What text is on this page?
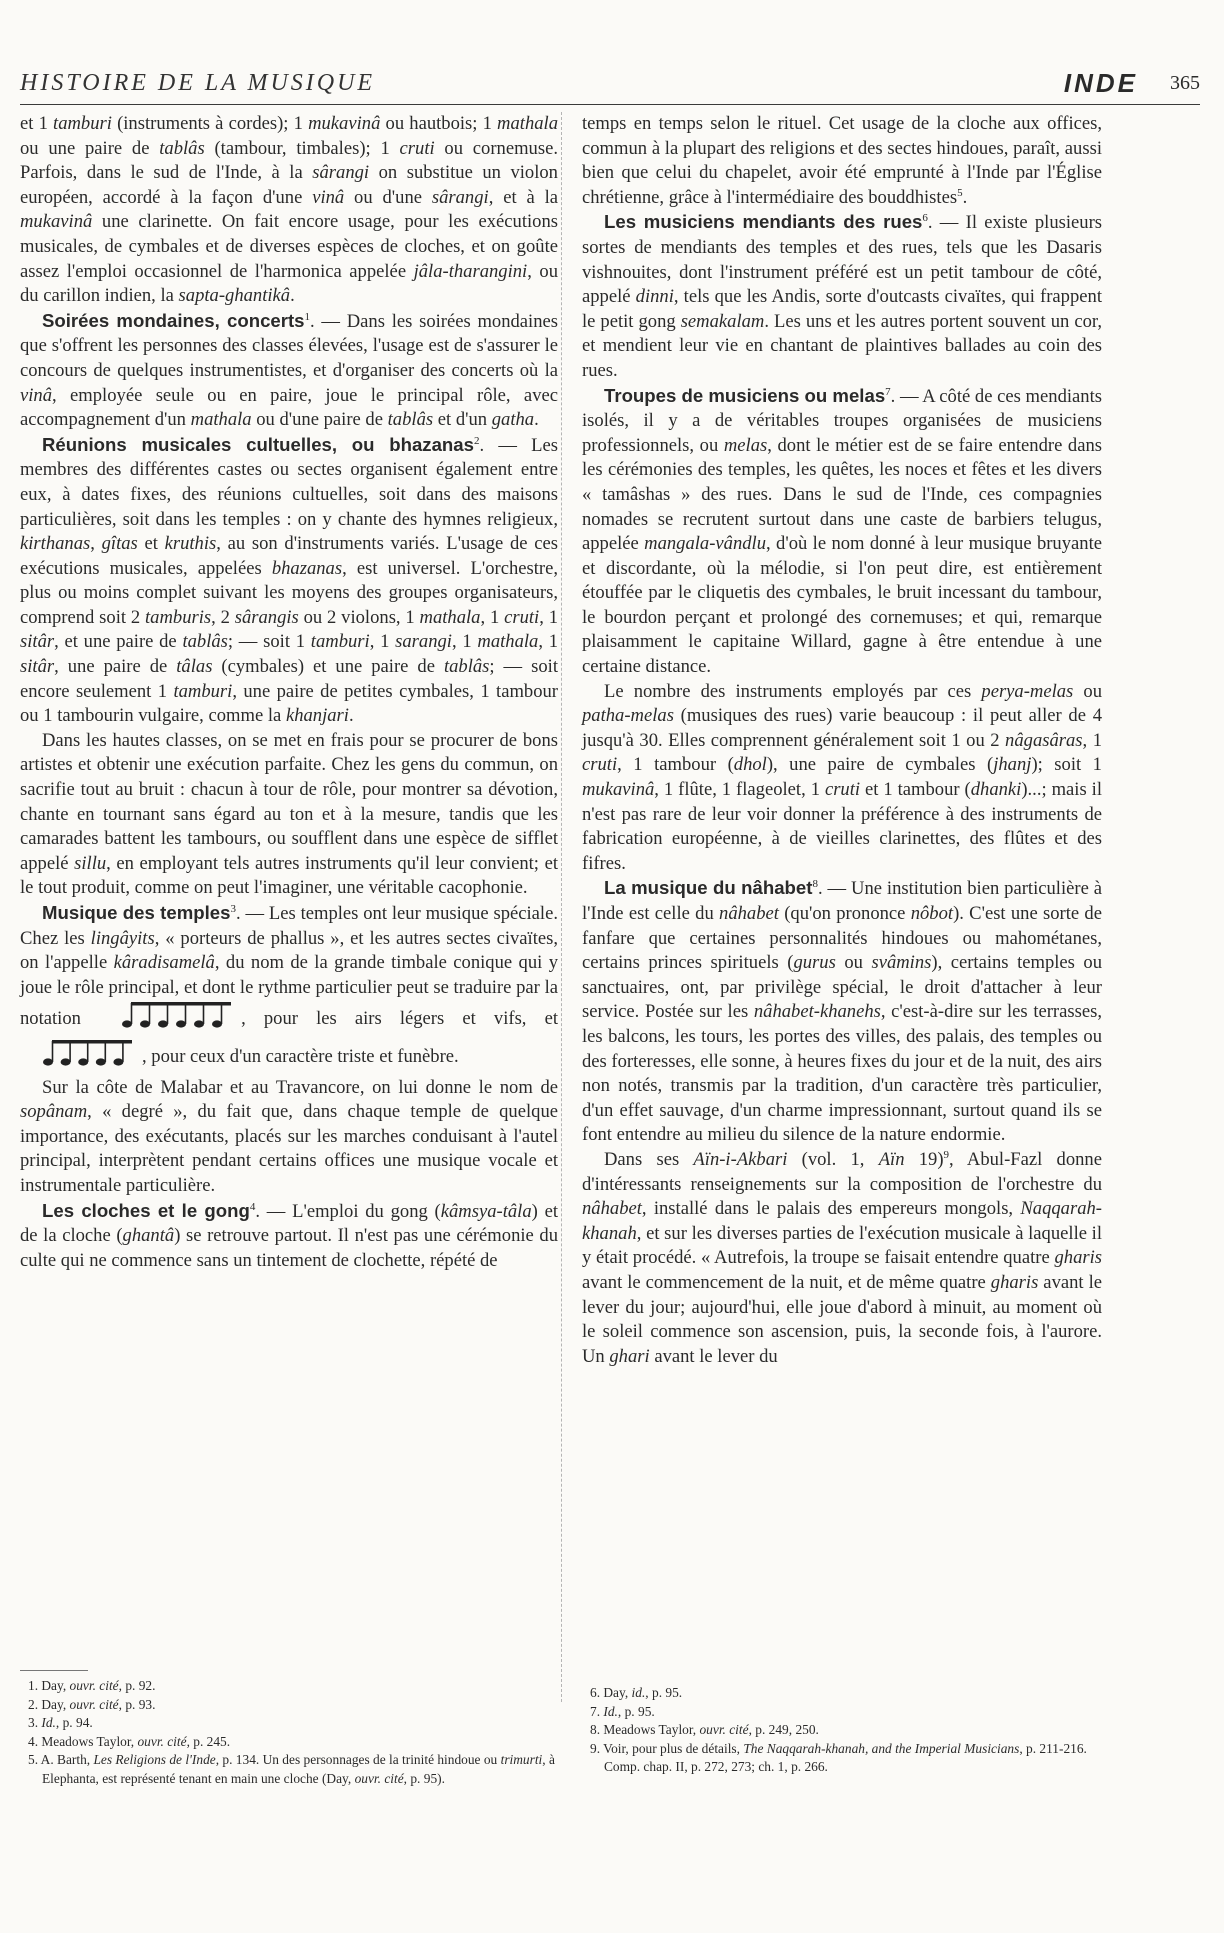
HISTOIRE DE LA MUSIQUE	INDE 365

et 1 tamburi (instruments à cordes); 1 mukavinâ ou hautbois; 1 mathala ou une paire de tablâs (tambour, timbales); 1 cruti ou cornemuse. Parfois, dans le sud de l'Inde, à la sârangi on substitue un violon européen, accordé à la façon d'une vinâ ou d'une sârangi, et à la mukavinâ une clarinette. On fait encore usage, pour les exécutions musicales, de cymbales et de diverses espèces de cloches, et on goûte assez l'emploi occasionnel de l'harmonica appelée jâla-tharangini, ou du carillon indien, la sapta-ghantikâ.

Soirées mondaines, concerts$^1$. — Dans les soirées mondaines que s'offrent les personnes des classes élevées, l'usage est de s'assurer le concours de quelques instrumentistes, et d'organiser des concerts où la vinâ, employée seule ou en paire, joue le principal rôle, avec accompagnement d'un mathala ou d'une paire de tablâs et d'un gatha.

Réunions musicales cultuelles, ou bhazanas$^2$. — Les membres des différentes castes ou sectes organisent également entre eux, à dates fixes, des réunions cultuelles, soit dans des maisons particulières, soit dans les temples : on y chante des hymnes religieux, kirthanas, gîtas et kruthis, au son d'instruments variés. L'usage de ces exécutions musicales, appelées bhazanas, est universel. L'orchestre, plus ou moins complet suivant les moyens des groupes organisateurs, comprend soit 2 tamburis, 2 sârangis ou 2 violons, 1 mathala, 1 cruti, 1 sitâr, et une paire de tablâs; — soit 1 tamburi, 1 sarangi, 1 mathala, 1 sitâr, une paire de tâlas (cymbales) et une paire de tablâs; — soit encore seulement 1 tamburi, une paire de petites cymbales, 1 tambour ou 1 tambourin vulgaire, comme la khanjari.

Dans les hautes classes, on se met en frais pour se procurer de bons artistes et obtenir une exécution parfaite. Chez les gens du commun, on sacrifie tout au bruit : chacun à tour de rôle, pour montrer sa dévotion, chante en tournant sans égard au ton et à la mesure, tandis que les camarades battent les tambours, ou soufflent dans une espèce de sifflet appelé sillu, en employant tels autres instruments qu'il leur convient; et le tout produit, comme on peut l'imaginer, une véritable cacophonie.

Musique des temples$^3$. — Les temples ont leur musique spéciale. Chez les lingâyits, « porteurs de phallus », et les autres sectes civaïtes, on l'appelle kâradisamelâ, du nom de la grande timbale conique qui y joue le rôle principal, et dont le rythme particulier peut se traduire par la notation	, pour les airs légers et vifs, et , pour ceux d'un caractère triste et funèbre.

Sur la côte de Malabar et au Travancore, on lui donne le nom de sopânam, « degré », du fait que, dans chaque temple de quelque importance, des exécutants, placés sur les marches conduisant à l'autel principal, interprètent pendant certains offices une musique vocale et instrumentale particulière.

Les cloches et le gong$^4$. — L'emploi du gong (kâmsya-tâla) et de la cloche (ghantâ) se retrouve partout. Il n'est pas une cérémonie du culte qui ne commence sans un tintement de clochette, répété de

temps en temps selon le rituel. Cet usage de la cloche aux offices, commun à la plupart des religions et des sectes hindoues, paraît, aussi bien que celui du chapelet, avoir été emprunté à l'Inde par l'Église chrétienne, grâce à l'intermédiaire des bouddhistes$^5$.

Les musiciens mendiants des rues$^6$. — Il existe plusieurs sortes de mendiants des temples et des rues, tels que les Dasaris vishnouites, dont l'instrument préféré est un petit tambour de côté, appelé dinni, tels que les Andis, sorte d'outcasts civaïtes, qui frappent le petit gong semakalam. Les uns et les autres portent souvent un cor, et mendient leur vie en chantant de plaintives ballades au coin des rues.

Troupes de musiciens ou melas$^7$. — A côté de ces mendiants isolés, il y a de véritables troupes organisées de musiciens professionnels, ou melas, dont le métier est de se faire entendre dans les cérémonies des temples, les quêtes, les noces et fêtes et les divers « tamâshas » des rues. Dans le sud de l'Inde, ces compagnies nomades se recrutent surtout dans une caste de barbiers telugus, appelée mangala-vândlu, d'où le nom donné à leur musique bruyante et discordante, où la mélodie, si l'on peut dire, est entièrement étouffée par le cliquetis des cymbales, le bruit incessant du tambour, le bourdon perçant et prolongé des cornemuses; et qui, remarque plaisamment le capitaine Willard, gagne à être entendue à une certaine distance.

Le nombre des instruments employés par ces perya-melas ou patha-melas (musiques des rues) varie beaucoup : il peut aller de 4 jusqu'à 30. Elles comprennent généralement soit 1 ou 2 nâgasâras, 1 cruti, 1 tambour (dhol), une paire de cymbales (jhanj); soit 1 mukavinâ, 1 flûte, 1 flageolet, 1 cruti et 1 tambour (dhanki)...; mais il n'est pas rare de leur voir donner la préférence à des instruments de fabrication européenne, à de vieilles clarinettes, des flûtes et des fifres.

La musique du nâhabet$^8$. — Une institution bien particulière à l'Inde est celle du nâhabet (qu'on prononce nôbot). C'est une sorte de fanfare que certaines personnalités hindoues ou mahométanes, certains princes spirituels (gurus ou svâmins), certains temples ou sanctuaires, ont, par privilège spécial, le droit d'attacher à leur service. Postée sur les nâhabet-khanehs, c'est-à-dire sur les terrasses, les balcons, les tours, les portes des villes, des palais, des temples ou des forteresses, elle sonne, à heures fixes du jour et de la nuit, des airs non notés, transmis par la tradition, d'un caractère très particulier, d'un effet sauvage, d'un charme impressionnant, surtout quand ils se font entendre au milieu du silence de la nature endormie.

Dans ses Aïn-i-Akbari (vol. 1, Aïn 19)$^9$, Abul-Fazl donne d'intéressants renseignements sur la composition de l'orchestre du nâhabet, installé dans le palais des empereurs mongols, Naqqarah-khanah, et sur les diverses parties de l'exécution musicale à laquelle il y était procédé. « Autrefois, la troupe se faisait entendre quatre gharis avant le commencement de la nuit, et de même quatre gharis avant le lever du jour; aujourd'hui, elle joue d'abord à minuit, au moment où le soleil commence son ascension, puis, la seconde fois, à l'aurore. Un ghari avant le lever du

1. Day, ouvr. cité, p. 92.
2. Day, ouvr. cité, p. 93.
3. Id., p. 94.
4. Meadows Taylor, ouvr. cité, p. 245.
5. A. Barth, Les Religions de l'Inde, p. 134. Un des personnages de la trinité hindoue ou trimurti, à Elephanta, est représenté tenant en main une cloche (Day, ouvr. cité, p. 95).
6. Day, id., p. 95.
7. Id., p. 95.
8. Meadows Taylor, ouvr. cité, p. 249, 250.
9. Voir, pour plus de détails, The Naqqarah-khanah, and the Imperial Musicians, p. 211-216. Comp. chap. II, p. 272, 273; ch. 1, p. 266.
